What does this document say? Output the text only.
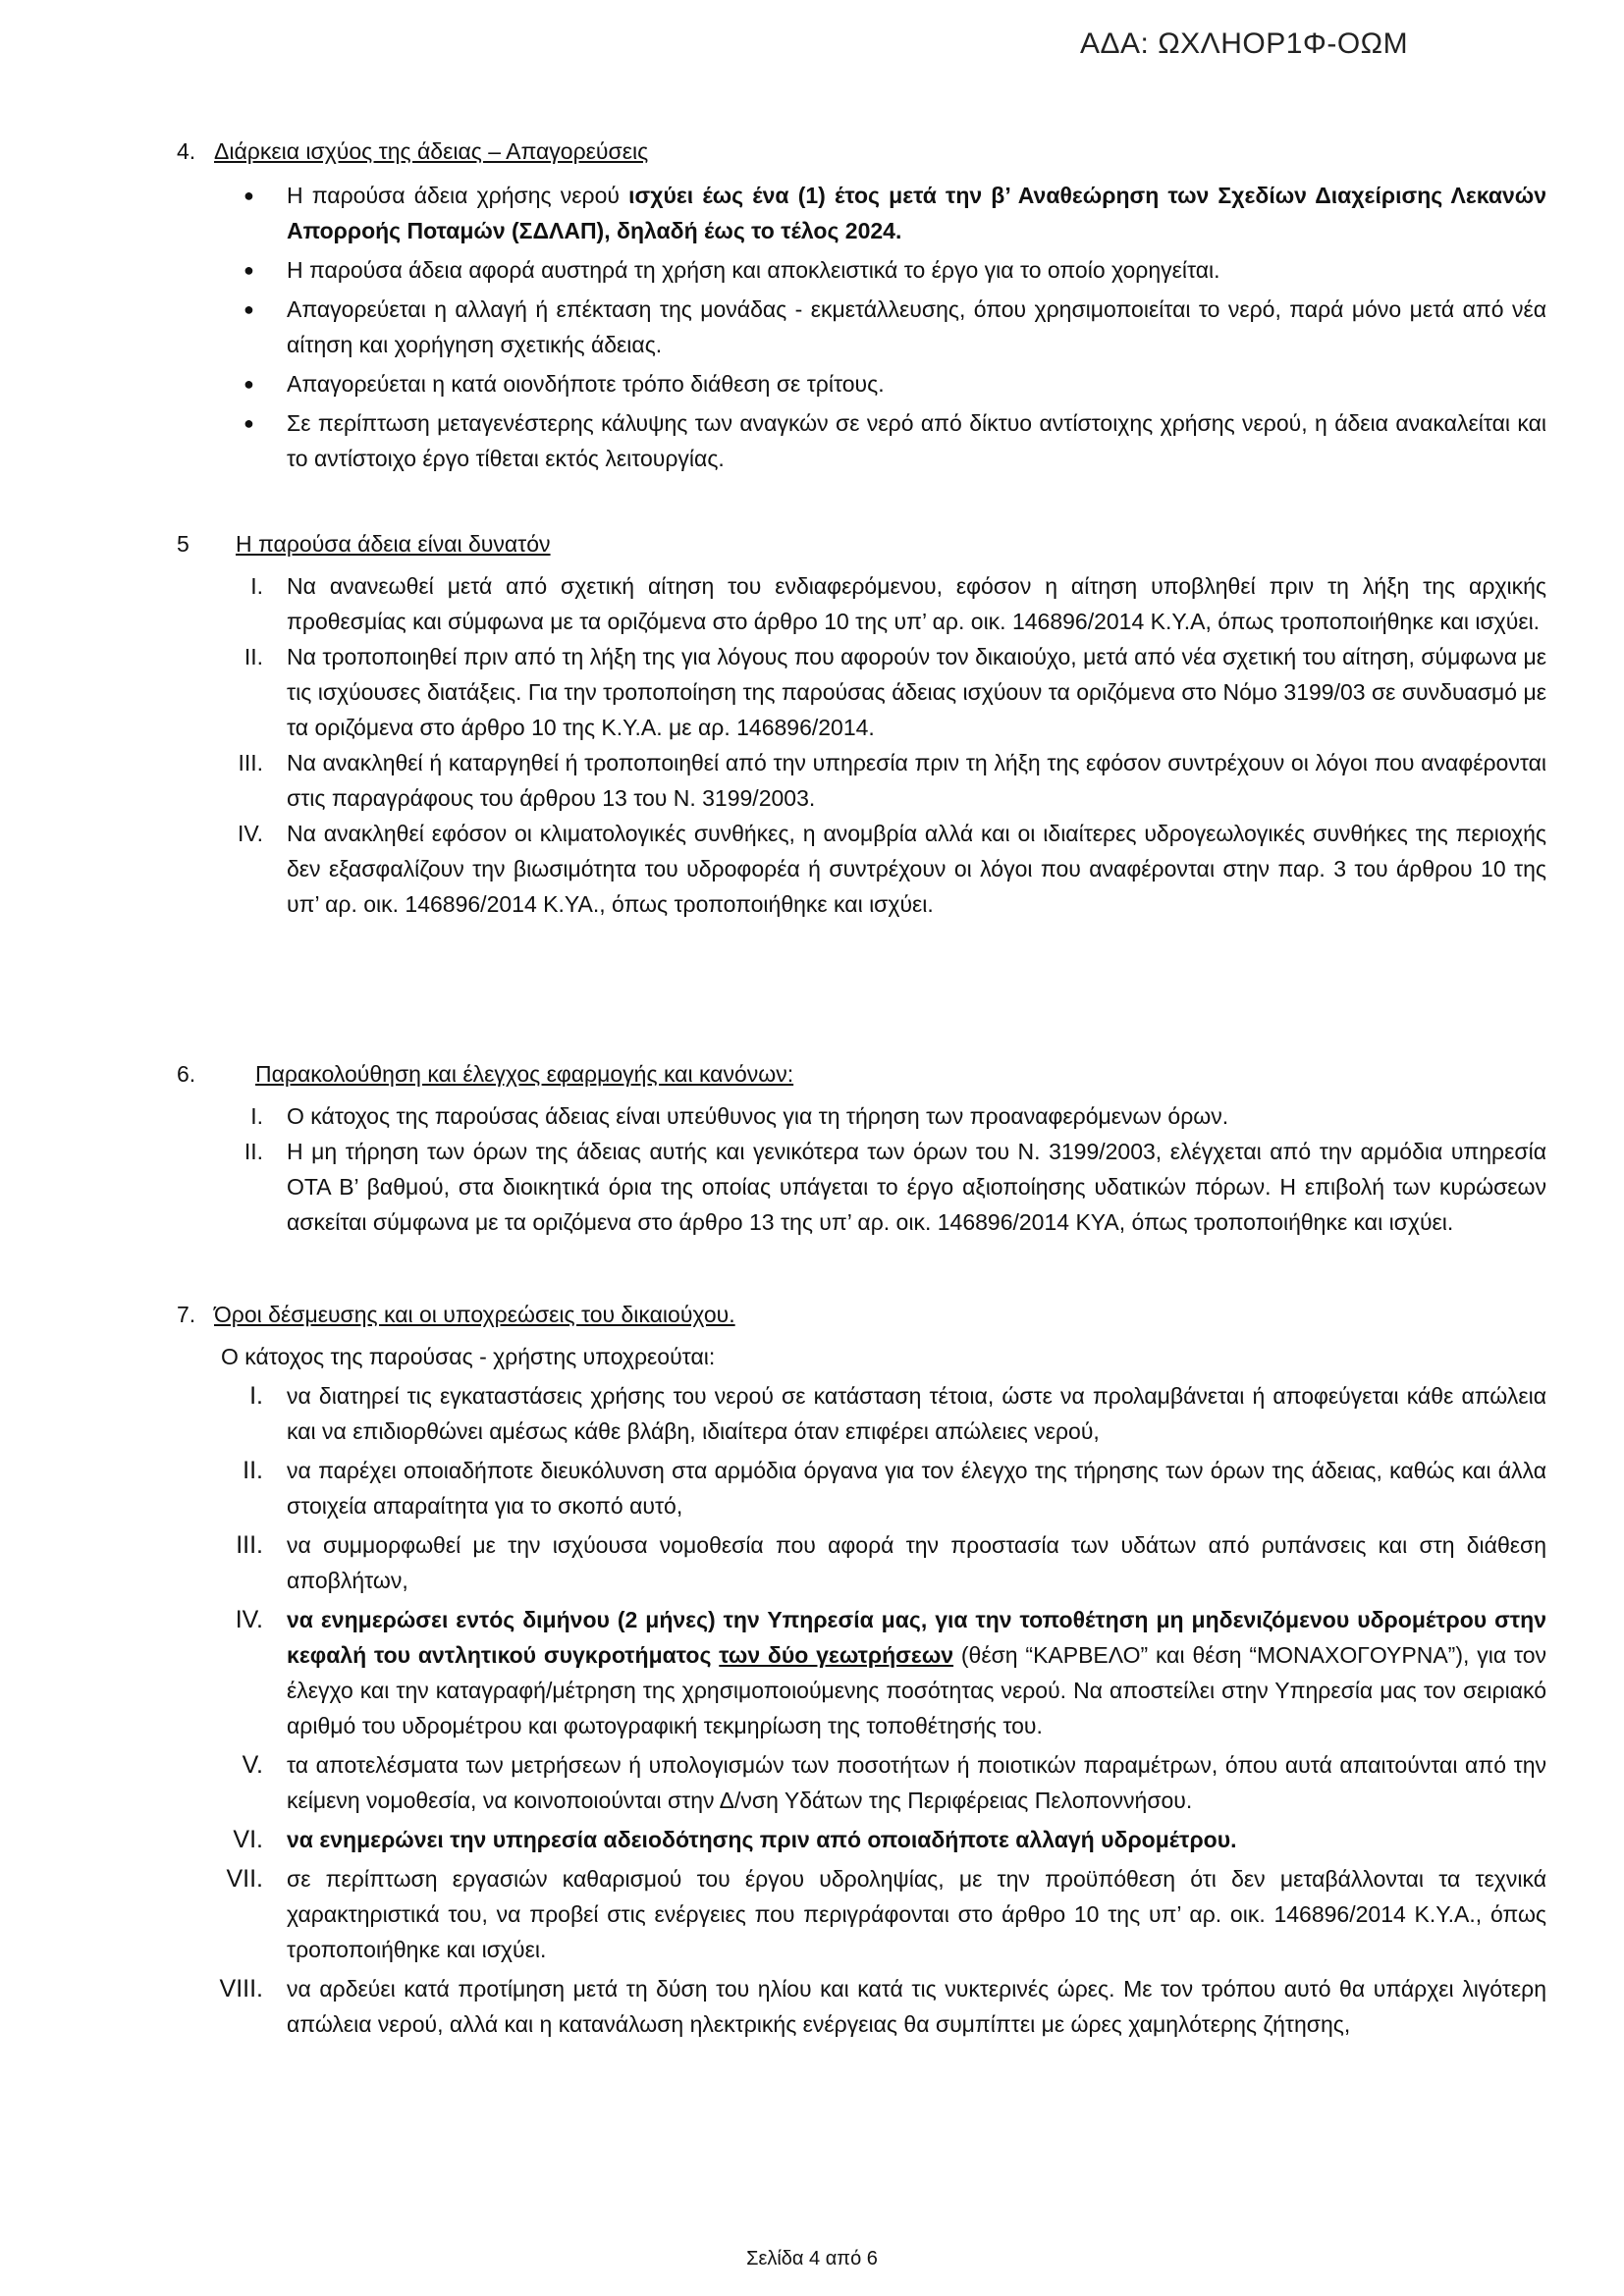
ΑΔΑ: ΩΧΛΗΟΡ1Φ-ΟΩΜ
4. Διάρκεια ισχύος της άδειας – Απαγορεύσεις
● Η παρούσα άδεια χρήσης νερού ισχύει έως ένα (1) έτος μετά την β’ Αναθεώρηση των Σχεδίων Διαχείρισης Λεκανών Απορροής Ποταμών (ΣΔΛΑΠ), δηλαδή έως το τέλος 2024.
● Η παρούσα άδεια αφορά αυστηρά τη χρήση και αποκλειστικά το έργο για το οποίο χορηγείται.
● Απαγορεύεται η αλλαγή ή επέκταση της μονάδας - εκμετάλλευσης, όπου χρησιμοποιείται το νερό, παρά μόνο μετά από νέα αίτηση και χορήγηση σχετικής άδειας.
● Απαγορεύεται η κατά οιονδήποτε τρόπο διάθεση σε τρίτους.
● Σε περίπτωση μεταγενέστερης κάλυψης των αναγκών σε νερό από δίκτυο αντίστοιχης χρήσης νερού, η άδεια ανακαλείται και το αντίστοιχο έργο τίθεται εκτός λειτουργίας.
5 Η παρούσα άδεια είναι δυνατόν
I. Να ανανεωθεί μετά από σχετική αίτηση του ενδιαφερόμενου, εφόσον η αίτηση υποβληθεί πριν τη λήξη της αρχικής προθεσμίας και σύμφωνα με τα οριζόμενα στο άρθρο 10 της υπ’ αρ. οικ. 146896/2014 Κ.Υ.Α, όπως τροποποιήθηκε και ισχύει.
II. Να τροποποιηθεί πριν από τη λήξη της για λόγους που αφορούν τον δικαιούχο, μετά από νέα σχετική του αίτηση, σύμφωνα με τις ισχύουσες διατάξεις. Για την τροποποίηση της παρούσας άδειας ισχύουν τα οριζόμενα στο Νόμο 3199/03 σε συνδυασμό με τα οριζόμενα στο άρθρο 10 της Κ.Υ.Α. με αρ. 146896/2014.
III. Να ανακληθεί ή καταργηθεί ή τροποποιηθεί από την υπηρεσία πριν τη λήξη της εφόσον συντρέχουν οι λόγοι που αναφέρονται στις παραγράφους του άρθρου 13 του Ν. 3199/2003.
IV. Να ανακληθεί εφόσον οι κλιματολογικές συνθήκες, η ανομβρία αλλά και οι ιδιαίτερες υδρογεωλογικές συνθήκες της περιοχής δεν εξασφαλίζουν την βιωσιμότητα του υδροφορέα ή συντρέχουν οι λόγοι που αναφέρονται στην παρ. 3 του άρθρου 10 της υπ’ αρ. οικ. 146896/2014 Κ.ΥΑ., όπως τροποποιήθηκε και ισχύει.
6.	Παρακολούθηση και έλεγχος εφαρμογής και κανόνων:
I. Ο κάτοχος της παρούσας άδειας είναι υπεύθυνος για τη τήρηση των προαναφερόμενων όρων.
II. Η μη τήρηση των όρων της άδειας αυτής και γενικότερα των όρων του Ν. 3199/2003, ελέγχεται από την αρμόδια υπηρεσία ΟΤΑ Β’ βαθμού, στα διοικητικά όρια της οποίας υπάγεται το έργο αξιοποίησης υδατικών πόρων. Η επιβολή των κυρώσεων ασκείται σύμφωνα με τα οριζόμενα στο άρθρο 13 της υπ’ αρ. οικ. 146896/2014 ΚΥΑ, όπως τροποποιήθηκε και ισχύει.
7. Όροι δέσμευσης και οι υποχρεώσεις του δικαιούχου.
Ο κάτοχος της παρούσας - χρήστης υποχρεούται:
I. να διατηρεί τις εγκαταστάσεις χρήσης του νερού σε κατάσταση τέτοια, ώστε να προλαμβάνεται ή αποφεύγεται κάθε απώλεια και να επιδιορθώνει αμέσως κάθε βλάβη, ιδιαίτερα όταν επιφέρει απώλειες νερού,
II. να παρέχει οποιαδήποτε διευκόλυνση στα αρμόδια όργανα για τον έλεγχο της τήρησης των όρων της άδειας, καθώς και άλλα στοιχεία απαραίτητα για το σκοπό αυτό,
III. να συμμορφωθεί με την ισχύουσα νομοθεσία που αφορά την προστασία των υδάτων από ρυπάνσεις και στη διάθεση αποβλήτων,
IV. να ενημερώσει εντός διμήνου (2 μήνες) την Υπηρεσία μας, για την τοποθέτηση μη μηδενιζόμενου υδρομέτρου στην κεφαλή του αντλητικού συγκροτήματος των δύο γεωτρήσεων (θέση “ΚΑΡΒΕΛΟ” και θέση “ΜΟΝΑΧΟΓΟΥΡΝΑ”), για τον έλεγχο και την καταγραφή/μέτρηση της χρησιμοποιούμενης ποσότητας νερού. Να αποστείλει στην Υπηρεσία μας τον σειριακό αριθμό του υδρομέτρου και φωτογραφική τεκμηρίωση της τοποθέτησής του.
V. τα αποτελέσματα των μετρήσεων ή υπολογισμών των ποσοτήτων ή ποιοτικών παραμέτρων, όπου αυτά απαιτούνται από την κείμενη νομοθεσία, να κοινοποιούνται στην Δ/νση Υδάτων της Περιφέρειας Πελοποννήσου.
VI. να ενημερώνει την υπηρεσία αδειοδότησης πριν από οποιαδήποτε αλλαγή υδρομέτρου.
VII. σε περίπτωση εργασιών καθαρισμού του έργου υδροληψίας, με την προϋπόθεση ότι δεν μεταβάλλονται τα τεχνικά χαρακτηριστικά του, να προβεί στις ενέργειες που περιγράφονται στο άρθρο 10 της υπ’ αρ. οικ. 146896/2014 Κ.Υ.Α., όπως τροποποιήθηκε και ισχύει.
VIII. να αρδεύει κατά προτίμηση μετά τη δύση του ηλίου και κατά τις νυκτερινές ώρες. Με τον τρόπου αυτό θα υπάρχει λιγότερη απώλεια νερού, αλλά και η κατανάλωση ηλεκτρικής ενέργειας θα συμπίπτει με ώρες χαμηλότερης ζήτησης,
Σελίδα 4 από 6
